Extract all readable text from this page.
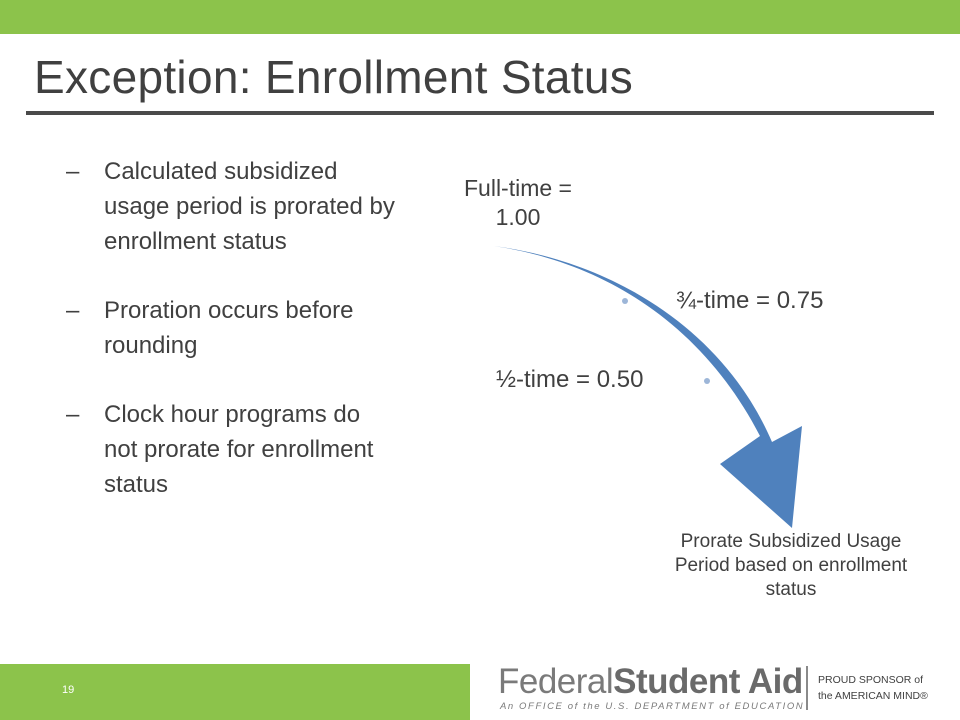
Exception: Enrollment Status
– Calculated subsidized usage period is prorated by enrollment status
– Proration occurs before rounding
– Clock hour programs do not prorate for enrollment status
Full-time = 1.00
¾-time = 0.75
½-time = 0.50
Prorate Subsidized Usage Period based on enrollment status
19	FederalStudent Aid
An OFFICE of the U.S. DEPARTMENT of EDUCATION
PROUD SPONSOR of
the AMERICAN MIND®
